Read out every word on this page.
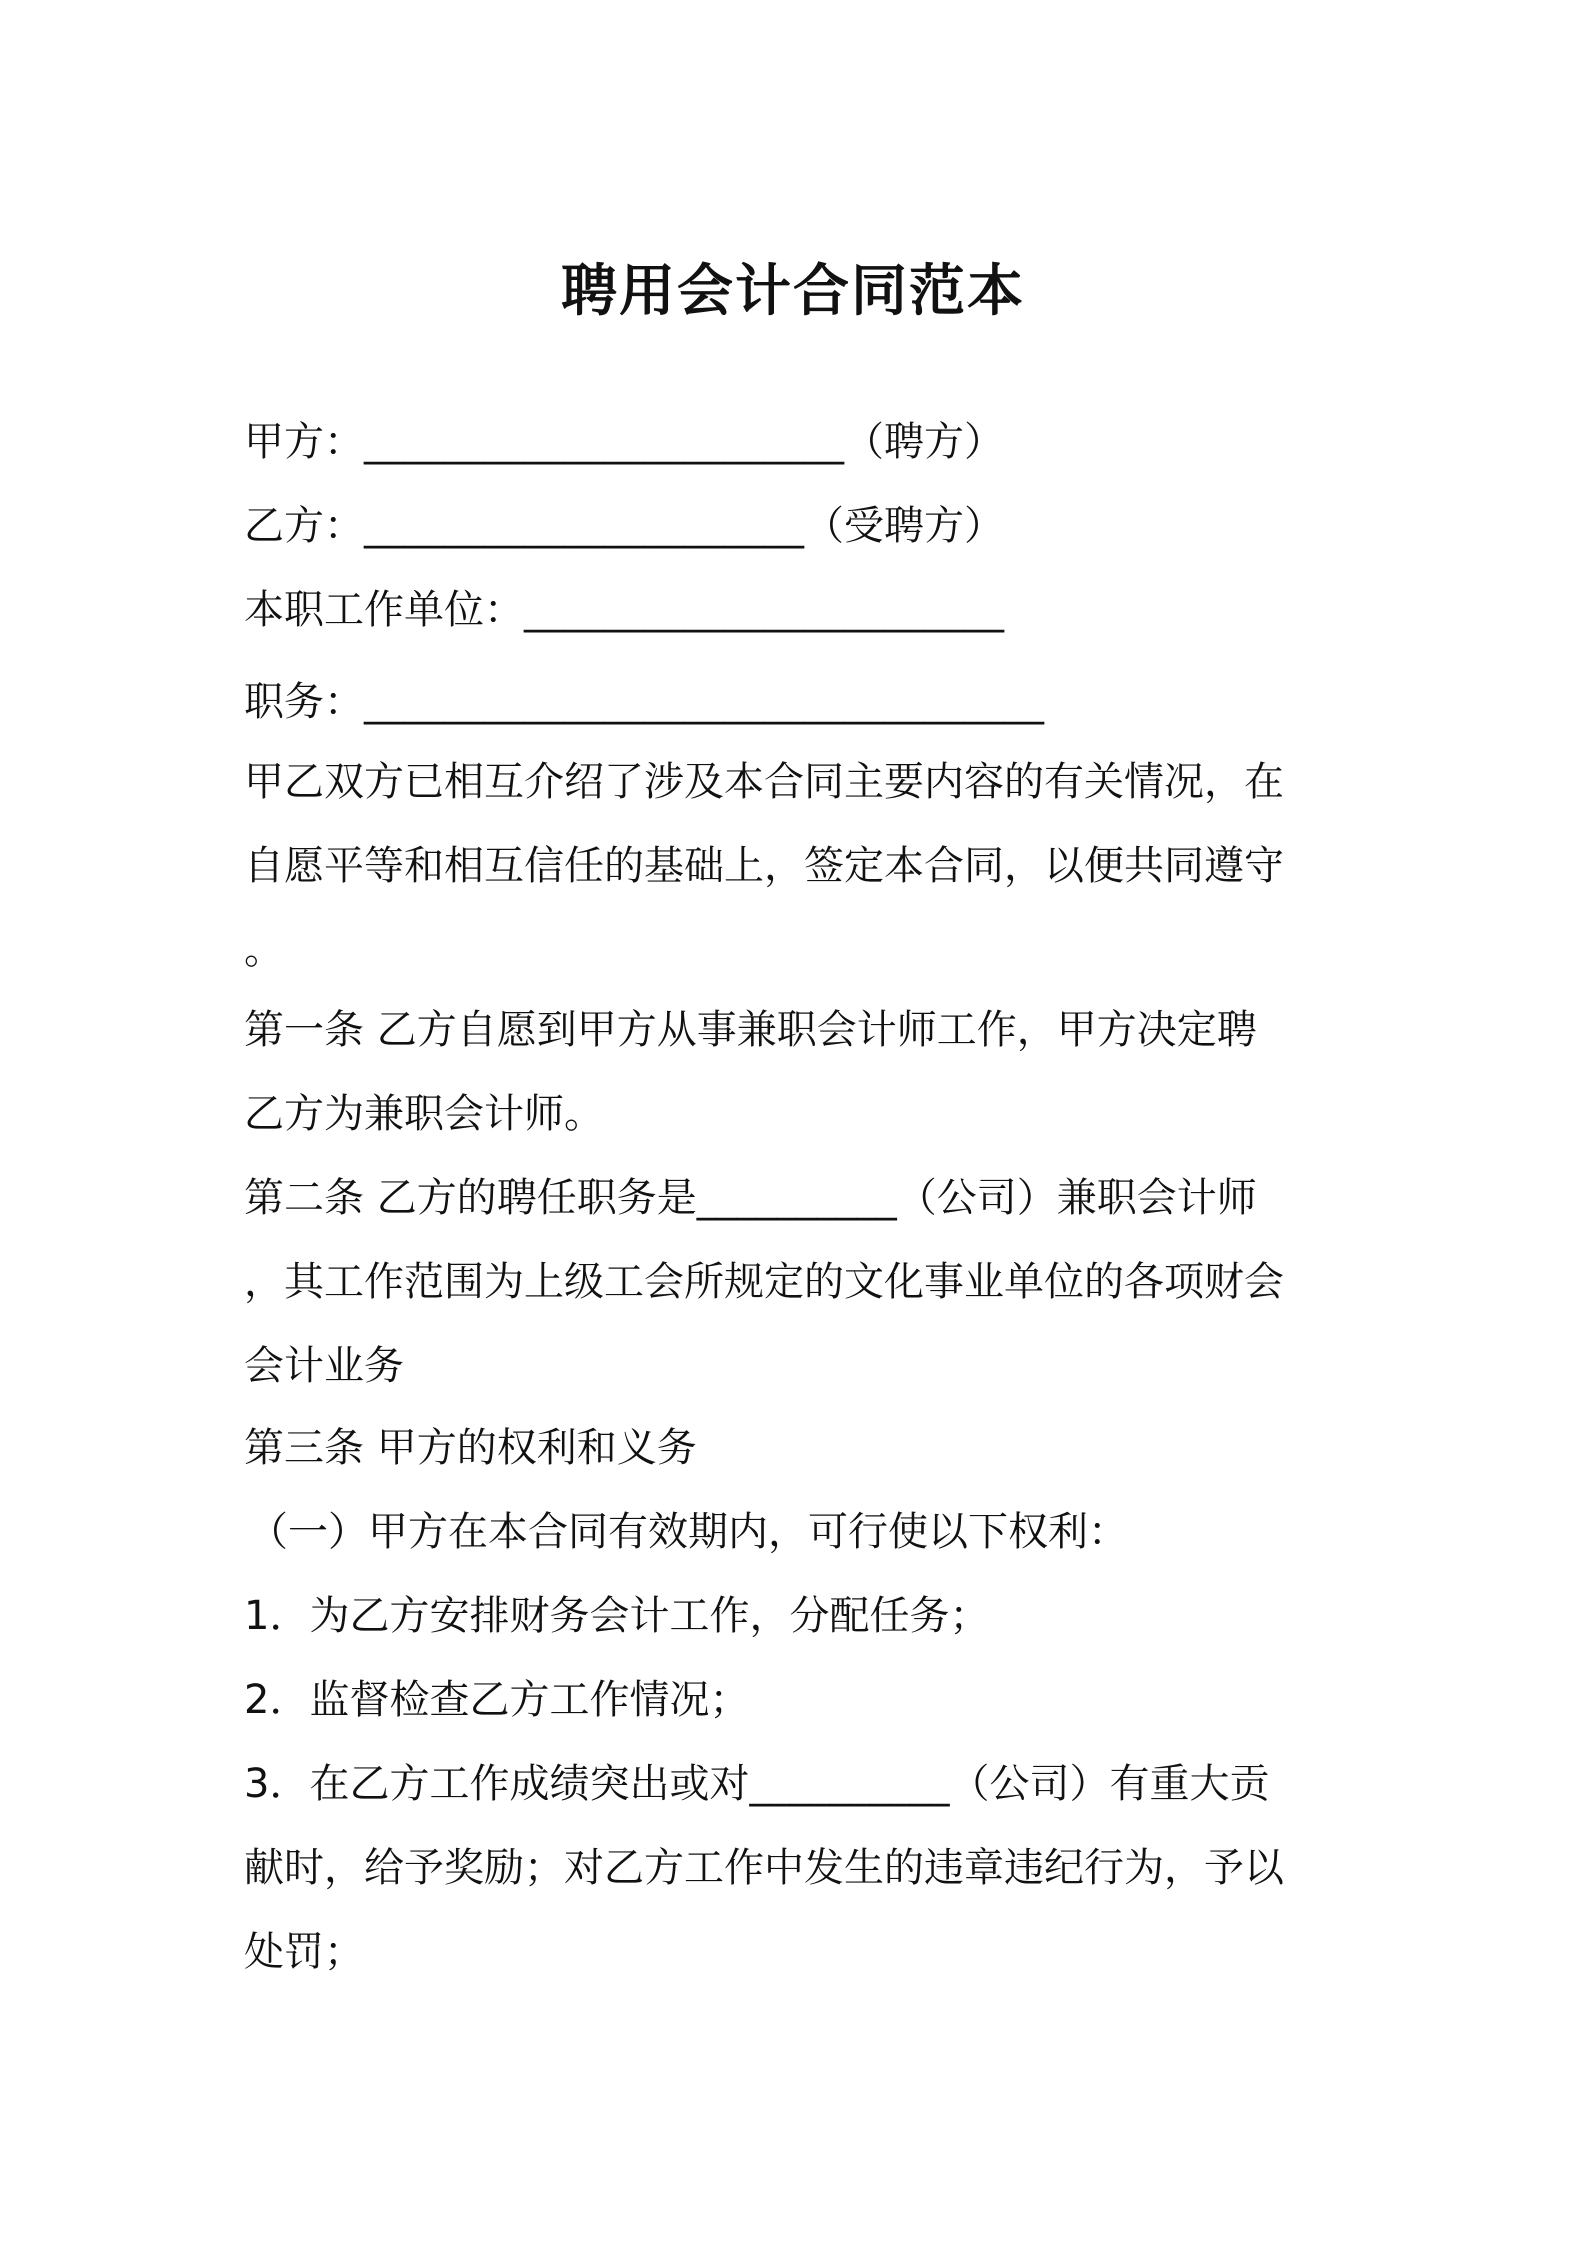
聘用会计合同范本
甲方：________________________（聘方）
乙方：______________________（受聘方）
本职工作单位：________________________
职务：__________________________________
甲乙双方已相互介绍了涉及本合同主要内容的有关情况，在
自愿平等和相互信任的基础上，签定本合同，以便共同遵守
。
第一条 乙方自愿到甲方从事兼职会计师工作，甲方决定聘
乙方为兼职会计师。
第二条 乙方的聘任职务是__________（公司）兼职会计师
，其工作范围为上级工会所规定的文化事业单位的各项财会
会计业务
第三条 甲方的权利和义务
（一）甲方在本合同有效期内，可行使以下权利：
1．为乙方安排财务会计工作，分配任务；
2．监督检查乙方工作情况；
3．在乙方工作成绩突出或对__________（公司）有重大贡
献时，给予奖励；对乙方工作中发生的违章违纪行为，予以
处罚；
